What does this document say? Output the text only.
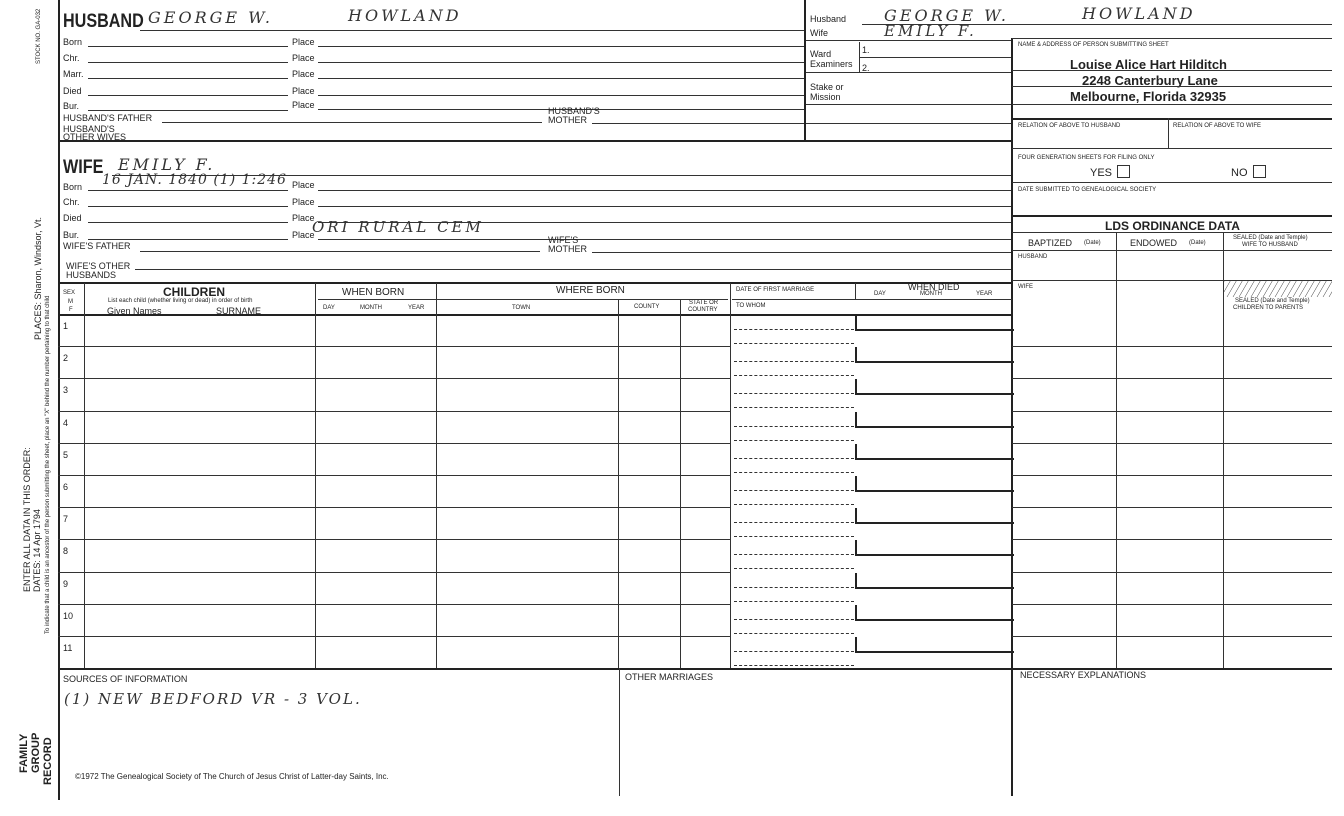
STOCK NO. GA-032
PLACES: Sharon, Windsor, Vt.
To indicate that a child is an ancestor of the person submitting the sheet, place an "X" behind the number pertaining to that child
ENTER ALL DATA IN THIS ORDER: DATES: 14 Apr 1794
FAMILY GROUP RECORD
HUSBAND GEORGE W.	HOWLAND
Born	Place
Chr.	Place
Marr.	Place
Died	Place
Bur.	Place
HUSBAND'S FATHER
HUSBAND'S
MOTHER
HUSBAND'S
OTHER WIVES
WIFE EMILY F.
Born 16 JAN. 1840 (1) 1:246 Place
Chr.	Place
Died	Place
Bur.	Place
ORI RURAL CEM
WIFE'S FATHER
WIFE'S
MOTHER
WIFE'S OTHER
HUSBANDS
Husband GEORGE W.	HOWLAND
Wife	EMILY F.
Ward
Examiners
1.
2.
Stake or
Mission
NAME & ADDRESS OF PERSON SUBMITTING SHEET
Louise Alice Hart Hilditch
2248 Canterbury Lane
Melbourne, Florida 32935
RELATION OF ABOVE TO HUSBAND	RELATION OF ABOVE TO WIFE
FOUR GENERATION SHEETS FOR FILING ONLY
YES	NO
DATE SUBMITTED TO GENEALOGICAL SOCIETY
LDS ORDINANCE DATA
BAPTIZED (Date)	ENDOWED (Date)
SEALED (Date and Temple)
WIFE TO HUSBAND
HUSBAND
WIFE
SEALED (Date and Temple)
CHILDREN TO PARENTS
SEX
M
F
CHILDREN
List each child (whether living or dead) in order of birth
Given Names	SURNAME
WHEN BORN
DAY	MONTH	YEAR
WHERE BORN
TOWN	COUNTY
STATE OR
COUNTRY
DATE OF FIRST MARRIAGE
TO WHOM
WHEN DIED
DAY	MONTH	YEAR
1
2
3
4
5
6
7
8
9
10
11
SOURCES OF INFORMATION
(1) NEW BEDFORD VR - 3 VOL.
©1972 The Genealogical Society of The Church of Jesus Christ of Latter-day Saints, Inc.
OTHER MARRIAGES	NECESSARY EXPLANATIONS
